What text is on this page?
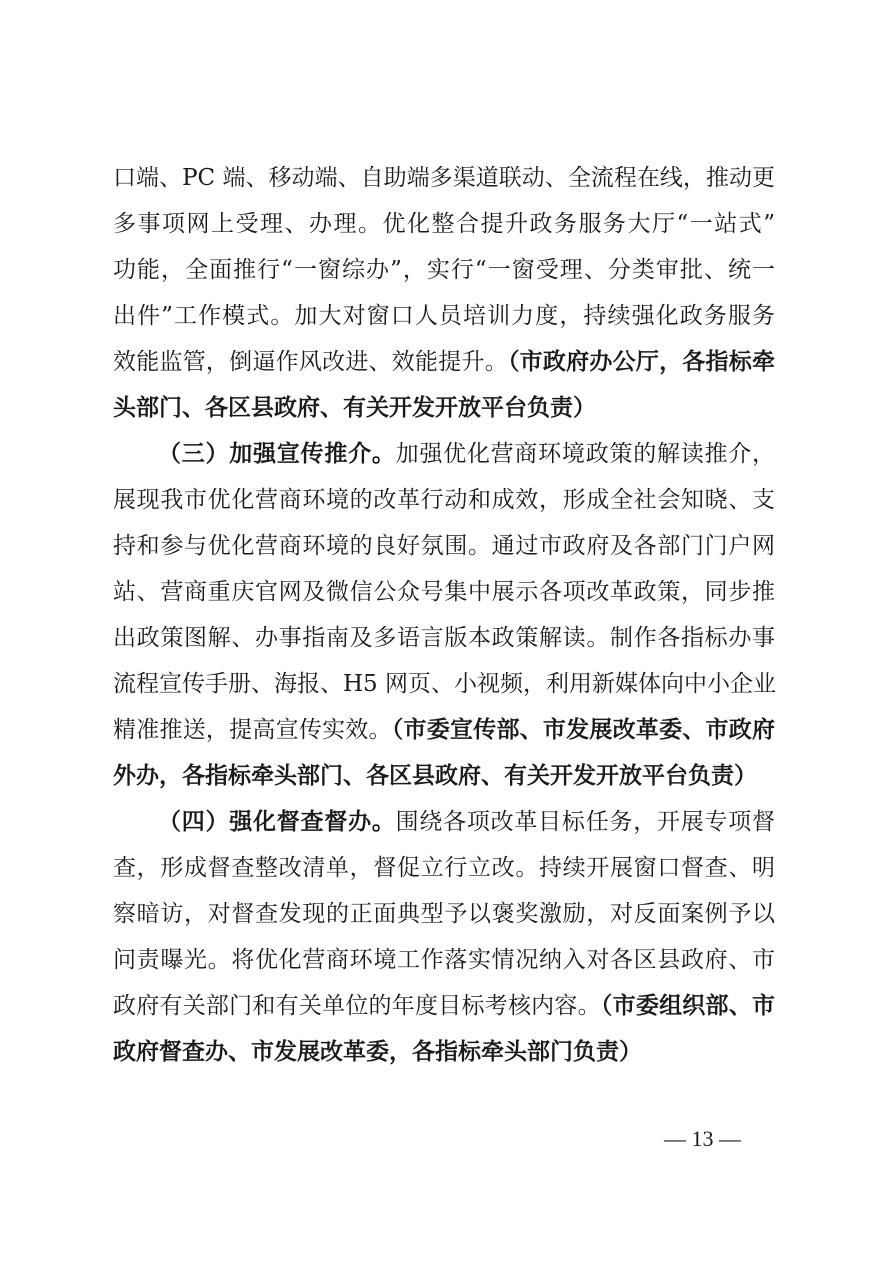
口端、PC 端、移动端、自助端多渠道联动、全流程在线，推动更
多事项网上受理、办理。优化整合提升政务服务大厅“一站式”
功能，全面推行“一窗综办”，实行“一窗受理、分类审批、统一
出件”工作模式。加大对窗口人员培训力度，持续强化政务服务
效能监管，倒逼作风改进、效能提升。（市政府办公厅，各指标牵
头部门、各区县政府、有关开发开放平台负责）
（三）加强宣传推介。加强优化营商环境政策的解读推介，
展现我市优化营商环境的改革行动和成效，形成全社会知晓、支
持和参与优化营商环境的良好氛围。通过市政府及各部门门户网
站、营商重庆官网及微信公众号集中展示各项改革政策，同步推
出政策图解、办事指南及多语言版本政策解读。制作各指标办事
流程宣传手册、海报、H5 网页、小视频，利用新媒体向中小企业
精准推送，提高宣传实效。（市委宣传部、市发展改革委、市政府
外办，各指标牵头部门、各区县政府、有关开发开放平台负责）
（四）强化督查督办。围绕各项改革目标任务，开展专项督
查，形成督查整改清单，督促立行立改。持续开展窗口督查、明
察暗访，对督查发现的正面典型予以褒奖激励，对反面案例予以
问责曝光。将优化营商环境工作落实情况纳入对各区县政府、市
政府有关部门和有关单位的年度目标考核内容。（市委组织部、市
政府督查办、市发展改革委，各指标牵头部门负责）
— 13 —
